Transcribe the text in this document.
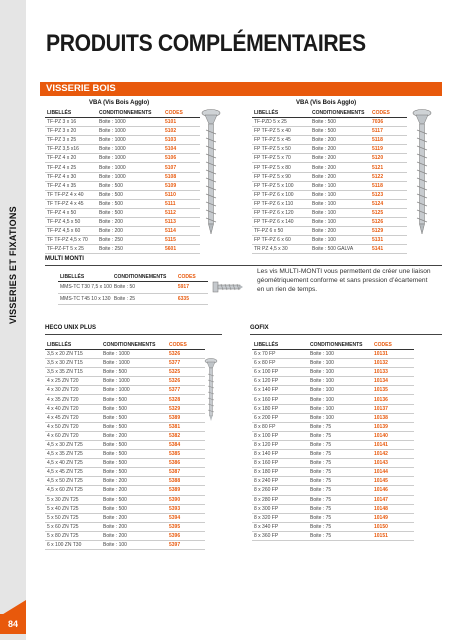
VISSERIES ET FIXATIONS
84
PRODUITS COMPLÉMENTAIRES
VISSERIE BOIS
VBA (Vis Bois Agglo)	VBA (Vis Bois Agglo)
LIBELLÉS	CONDITIONNEMENTS	CODES
TF-PZ 3 x 16	Boite : 1000	5101
TF-PZ 3 x 20	Boite : 1000	5102
TF-PZ 3 x 25	Boite : 1000	5103
TF-PZ 3,5 x16	Boite : 1000	5104
TF-PZ 4 x 20	Boite : 1000	5106
TF-PZ 4 x 25	Boite : 1000	5107
TF-PZ 4 x 30	Boite : 1000	5108
TF-PZ 4 x 35	Boite : 500	5109
TF TF-PZ 4 x 40	Boite : 500	5110
TF TF-PZ 4 x 45	Boite : 500	5111
TF-PZ 4 x 50	Boite : 500	5112
TF-PZ 4,5 x 50	Boite : 200	5113
TF-PZ 4,5 x 60	Boite : 200	5114
TF TF-PZ 4,5 x 70	Boite : 250	5115
TF-PZ-FT 5 x 25	Boite : 250	5601
LIBELLÉS	CONDITIONNEMENTS	CODES
TF-PZD 5 x 25	Boite : 500	7036
FP TF-PZ 5 x 40	Boite : 500	5117
FP TF-PZ 5 x 45	Boite : 200	5118
FP TF-PZ 5 x 50	Boite : 200	5119
FP TF-PZ 5 x 70	Boite : 200	5120
FP TF-PZ 5 x 80	Boite : 200	5121
FP TF-PZ 5 x 90	Boite : 200	5122
FP TF-PZ 5 x 100	Boite : 100	5118
FP TF-PZ 6 x 100	Boite : 100	5123
FP TF-PZ 6 x 110	Boite : 100	5124
FP TF-PZ 6 x 120	Boite : 100	5125
FP TF-PZ 6 x 140	Boite : 100	5126
TF-PZ 6 x 50	Boite : 200	5129
FP TF-PZ 6 x 60	Boite : 100	5131
TR PZ 4,5 x 30	Boite : 500 GALVA	5141
MULTI MONTI
LIBELLÉS	CONDITIONNEMENTS	CODES
MMS-TC T30 7,5 x 100	Boite : 50	5917
MMS-TC T45 10 x 130	Boite : 25	6335
Les vis MULTI-MONTI vous permettent de créer une liaison géométriquement conforme et sans pression d’écartement en un rien de temps.
HECO UNIX PLUS
LIBELLÉS	CONDITIONNEMENTS	CODES
3,5 x 20 ZN T15	Boite : 1000	5326
3,5 x 30 ZN T15	Boite : 1000	5377
3,5 x 35 ZN T15	Boite : 500	5325
4 x 25 ZN T20	Boite : 1000	5326
4 x 30 ZN T20	Boite : 1000	5377
4 x 35 ZN T20	Boite : 500	5328
4 x 40 ZN T20	Boite : 500	5329
4 x 45 ZN T20	Boite : 500	5389
4 x 50 ZN T20	Boite : 500	5381
4 x 60 ZN T20	Boite : 200	5382
4,5 x 30 ZN T25	Boite : 500	5384
4,5 x 35 ZN T25	Boite : 500	5385
4,5 x 40 ZN T25	Boite : 500	5386
4,5 x 45 ZN T25	Boite : 500	5387
4,5 x 50 ZN T25	Boite : 200	5388
4,5 x 60 ZN T25	Boite : 200	5389
5 x 30 ZN T25	Boite : 500	5390
5 x 40 ZN T25	Boite : 500	5393
5 x 50 ZN T25	Boite : 200	5394
5 x 60 ZN T25	Boite : 200	5395
5 x 80 ZN T25	Boite : 200	5396
6 x 100 ZN T30	Boite : 100	5397
GOFIX
LIBELLÉS	CONDITIONNEMENTS	CODES
6 x 70 FP	Boite : 100	10131
6 x 80 FP	Boite : 100	10132
6 x 100 FP	Boite : 100	10133
6 x 120 FP	Boite : 100	10134
6 x 140 FP	Boite : 100	10135
6 x 160 FP	Boite : 100	10136
6 x 180 FP	Boite : 100	10137
6 x 200 FP	Boite : 100	10138
8 x 80 FP	Boite : 75	10139
8 x 100 FP	Boite : 75	10140
8 x 120 FP	Boite : 75	10141
8 x 140 FP	Boite : 75	10142
8 x 160 FP	Boite : 75	10143
8 x 180 FP	Boite : 75	10144
8 x 240 FP	Boite : 75	10145
8 x 260 FP	Boite : 75	10146
8 x 280 FP	Boite : 75	10147
8 x 300 FP	Boite : 75	10148
8 x 320 FP	Boite : 75	10149
8 x 340 FP	Boite : 75	10150
8 x 360 FP	Boite : 75	10151
